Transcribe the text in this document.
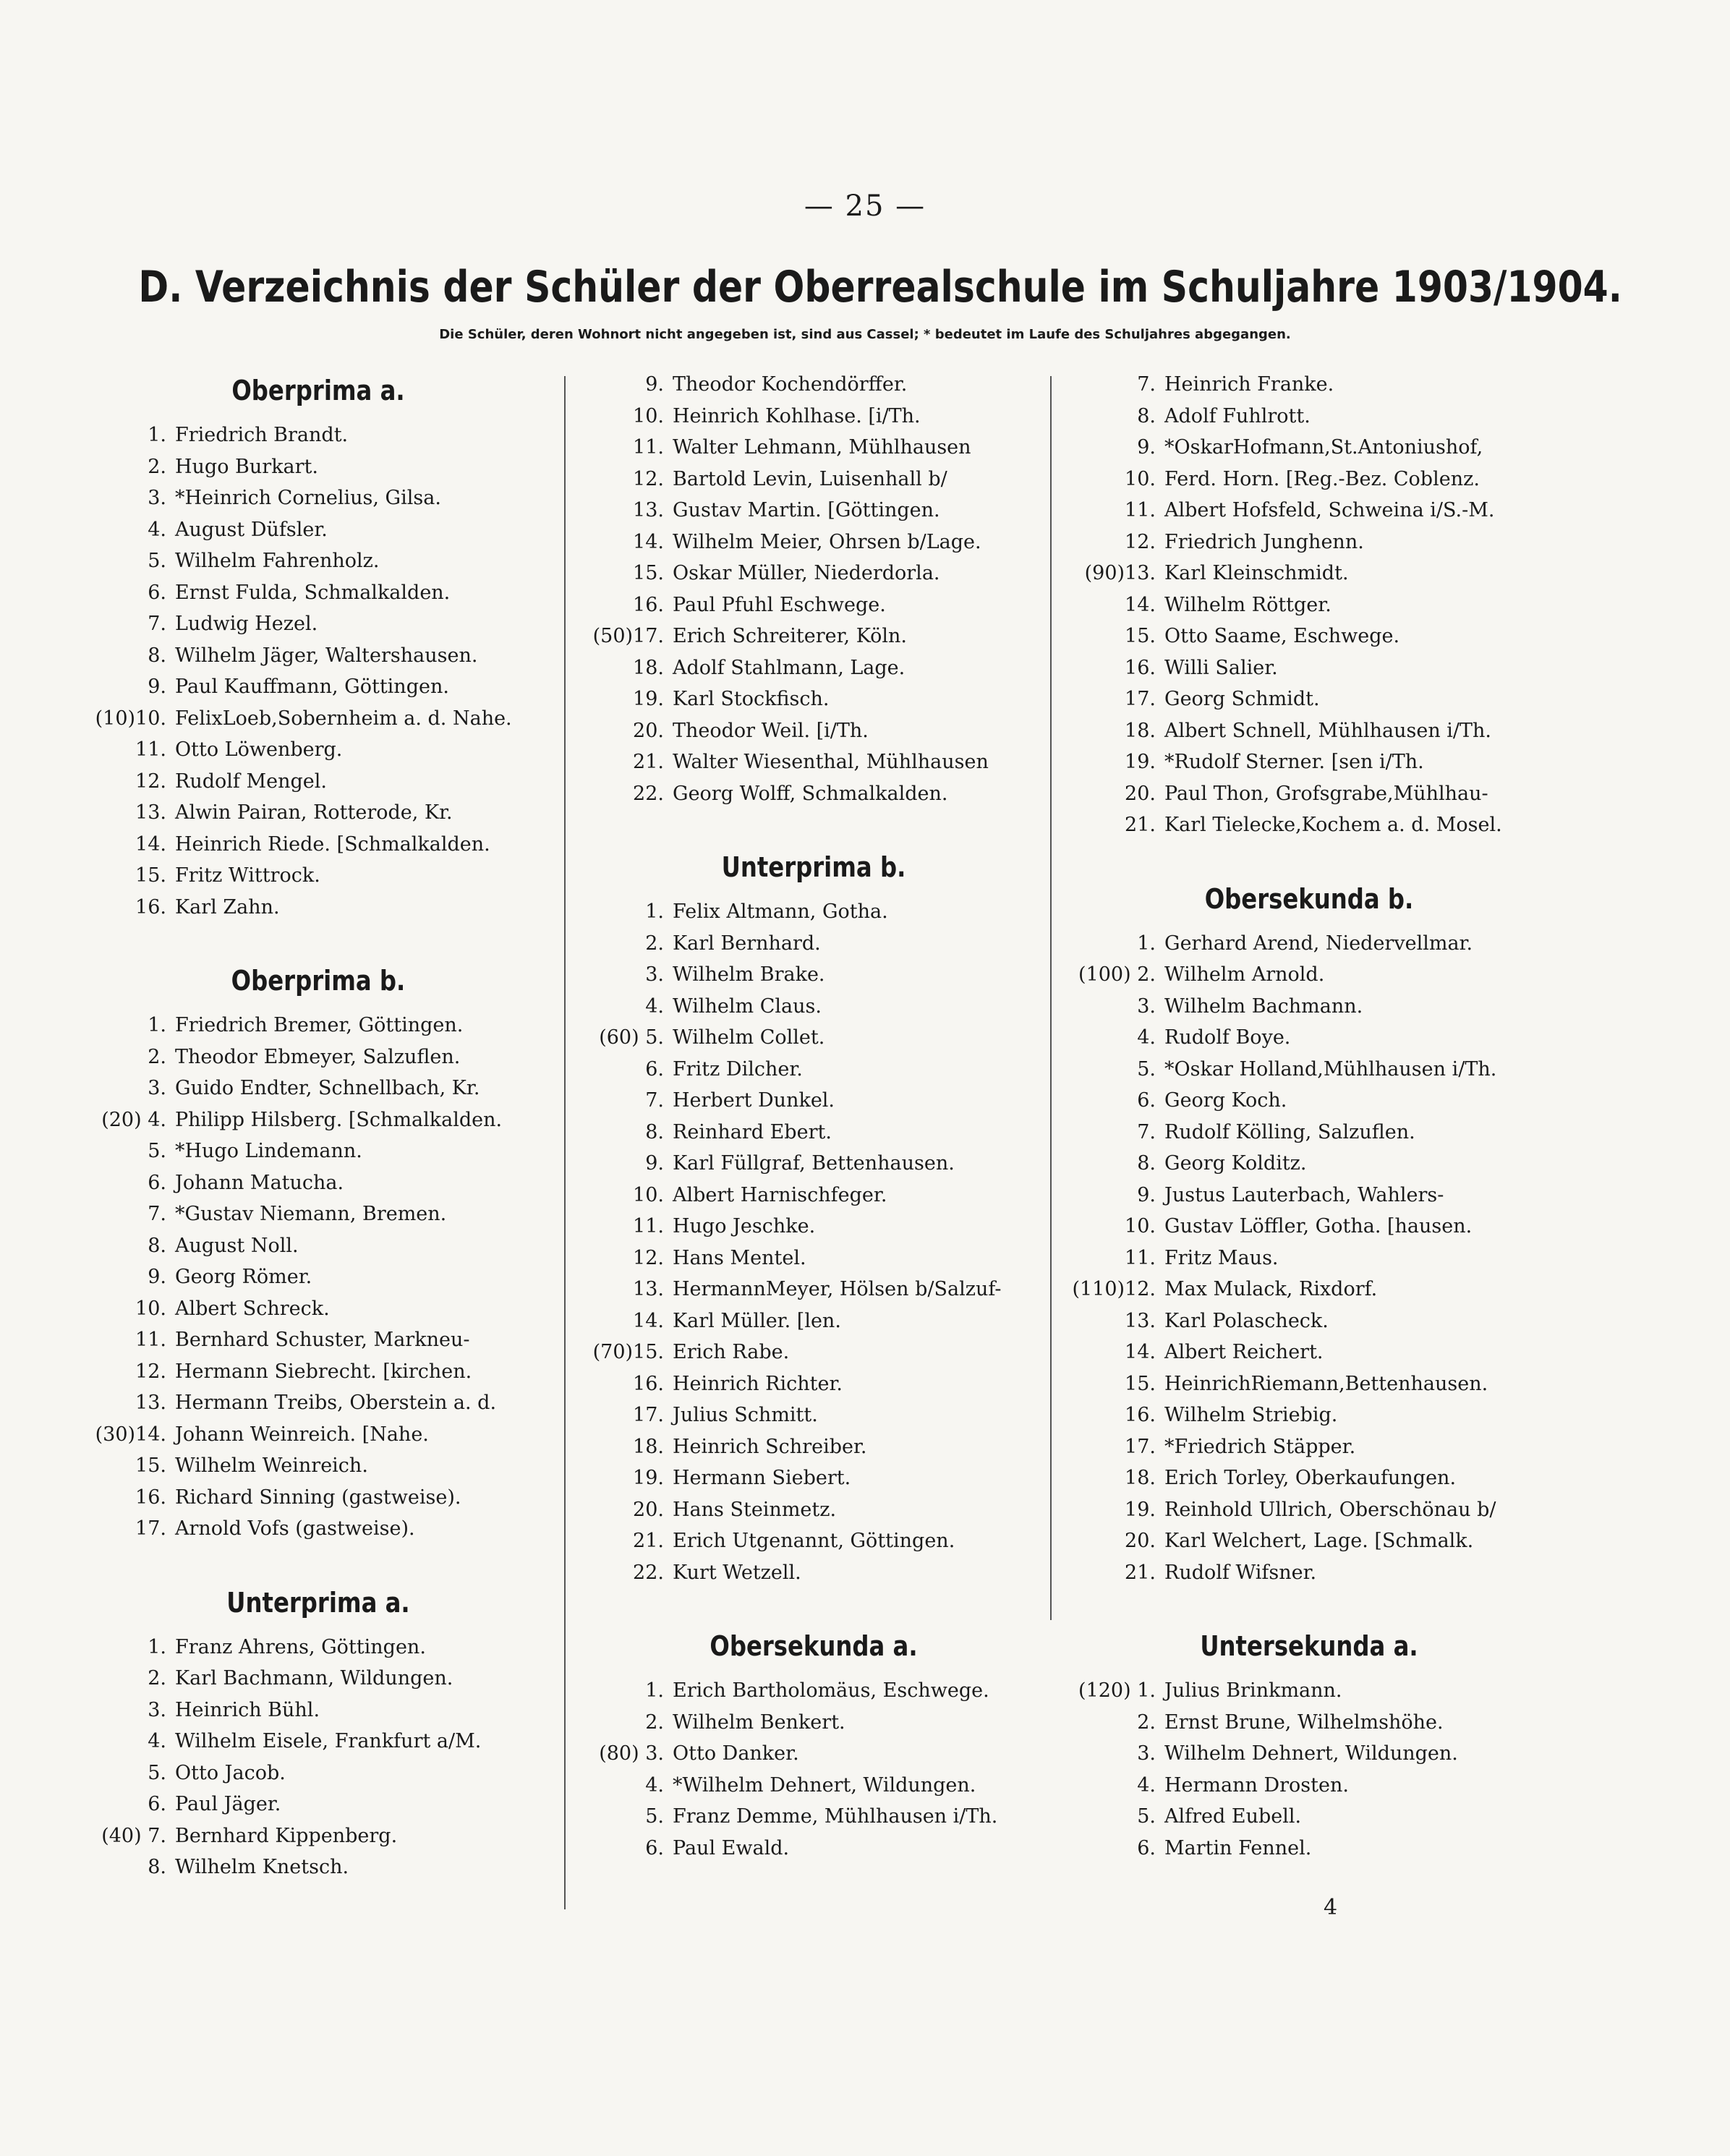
— 25 —
D. Verzeichnis der Schüler der Oberrealschule im Schuljahre 1903/1904.
Die Schüler, deren Wohnort nicht angegeben ist, sind aus Cassel; * bedeutet im Laufe des Schuljahres abgegangen.
Oberprima a.
1. Friedrich Brandt.
2. Hugo Burkart.
3. *Heinrich Cornelius, Gilsa.
4. August Düfsler.
5. Wilhelm Fahrenholz.
6. Ernst Fulda, Schmalkalden.
7. Ludwig Hezel.
8. Wilhelm Jäger, Waltershausen.
9. Paul Kauffmann, Göttingen.
(10)10. FelixLoeb,Sobernheim a. d. Nahe.
11. Otto Löwenberg.
12. Rudolf Mengel.
13. Alwin Pairan, Rotterode, Kr.
14. Heinrich Riede. [Schmalkalden.
15. Fritz Wittrock.
16. Karl Zahn.
Oberprima b.
1. Friedrich Bremer, Göttingen.
2. Theodor Ebmeyer, Salzuflen.
3. Guido Endter, Schnellbach, Kr.
(20) 4. Philipp Hilsberg. [Schmalkalden.
5. *Hugo Lindemann.
6. Johann Matucha.
7. *Gustav Niemann, Bremen.
8. August Noll.
9. Georg Römer.
10. Albert Schreck.
11. Bernhard Schuster, Markneu-
12. Hermann Siebrecht. [kirchen.
13. Hermann Treibs, Oberstein a. d.
(30)14. Johann Weinreich. [Nahe.
15. Wilhelm Weinreich.
16. Richard Sinning (gastweise).
17. Arnold Vofs (gastweise).
Unterprima a.
1. Franz Ahrens, Göttingen.
2. Karl Bachmann, Wildungen.
3. Heinrich Bühl.
4. Wilhelm Eisele, Frankfurt a/M.
5. Otto Jacob.
6. Paul Jäger.
(40) 7. Bernhard Kippenberg.
8. Wilhelm Knetsch.
9. Theodor Kochendörffer.
10. Heinrich Kohlhase. [i/Th.
11. Walter Lehmann, Mühlhausen
12. Bartold Levin, Luisenhall b/
13. Gustav Martin. [Göttingen.
14. Wilhelm Meier, Ohrsen b/Lage.
15. Oskar Müller, Niederdorla.
16. Paul Pfuhl Eschwege.
(50)17. Erich Schreiterer, Köln.
18. Adolf Stahlmann, Lage.
19. Karl Stockfisch.
20. Theodor Weil. [i/Th.
21. Walter Wiesenthal, Mühlhausen
22. Georg Wolff, Schmalkalden.
Unterprima b.
1. Felix Altmann, Gotha.
2. Karl Bernhard.
3. Wilhelm Brake.
4. Wilhelm Claus.
(60) 5. Wilhelm Collet.
6. Fritz Dilcher.
7. Herbert Dunkel.
8. Reinhard Ebert.
9. Karl Füllgraf, Bettenhausen.
10. Albert Harnischfeger.
11. Hugo Jeschke.
12. Hans Mentel.
13. HermannMeyer, Hölsen b/Salzuf-
14. Karl Müller. [len.
(70)15. Erich Rabe.
16. Heinrich Richter.
17. Julius Schmitt.
18. Heinrich Schreiber.
19. Hermann Siebert.
20. Hans Steinmetz.
21. Erich Utgenannt, Göttingen.
22. Kurt Wetzell.
Obersekunda a.
1. Erich Bartholomäus, Eschwege.
2. Wilhelm Benkert.
(80) 3. Otto Danker.
4. *Wilhelm Dehnert, Wildungen.
5. Franz Demme, Mühlhausen i/Th.
6. Paul Ewald.
7. Heinrich Franke.
8. Adolf Fuhlrott.
9. *OskarHofmann,St.Antoniushof,
10. Ferd. Horn. [Reg.-Bez. Coblenz.
11. Albert Hofsfeld, Schweina i/S.-M.
12. Friedrich Junghenn.
(90)13. Karl Kleinschmidt.
14. Wilhelm Röttger.
15. Otto Saame, Eschwege.
16. Willi Salier.
17. Georg Schmidt.
18. Albert Schnell, Mühlhausen i/Th.
19. *Rudolf Sterner. [sen i/Th.
20. Paul Thon, Grofsgrabe,Mühlhau-
21. Karl Tielecke,Kochem a. d. Mosel.
Obersekunda b.
1. Gerhard Arend, Niedervellmar.
(100) 2. Wilhelm Arnold.
3. Wilhelm Bachmann.
4. Rudolf Boye.
5. *Oskar Holland,Mühlhausen i/Th.
6. Georg Koch.
7. Rudolf Kölling, Salzuflen.
8. Georg Kolditz.
9. Justus Lauterbach, Wahlers-
10. Gustav Löffler, Gotha. [hausen.
11. Fritz Maus.
(110)12. Max Mulack, Rixdorf.
13. Karl Polascheck.
14. Albert Reichert.
15. HeinrichRiemann,Bettenhausen.
16. Wilhelm Striebig.
17. *Friedrich Stäpper.
18. Erich Torley, Oberkaufungen.
19. Reinhold Ullrich, Oberschönau b/
20. Karl Welchert, Lage. [Schmalk.
21. Rudolf Wifsner.
Untersekunda a.
(120) 1. Julius Brinkmann.
2. Ernst Brune, Wilhelmshöhe.
3. Wilhelm Dehnert, Wildungen.
4. Hermann Drosten.
5. Alfred Eubell.
6. Martin Fennel.
4
